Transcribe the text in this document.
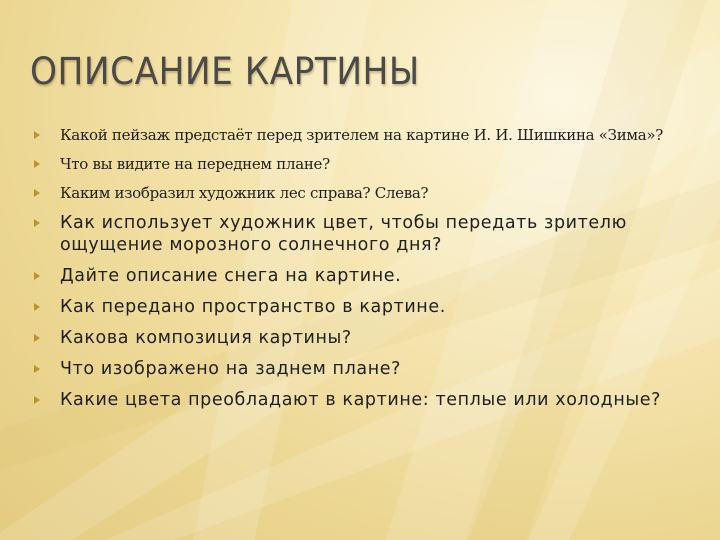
ОПИСАНИЕ КАРТИНЫ
Какой пейзаж предстаёт перед зрителем на картине И. И. Шишкина «Зима»?
Что вы видите на переднем плане?
Каким изобразил художник лес справа? Слева?
Как использует художник цвет, чтобы передать зрителю ощущение морозного солнечного дня?
Дайте описание снега на картине.
Как передано пространство в картине.
Какова композиция картины?
Что изображено на заднем плане?
Какие цвета преобладают в картине: теплые или холодные?
